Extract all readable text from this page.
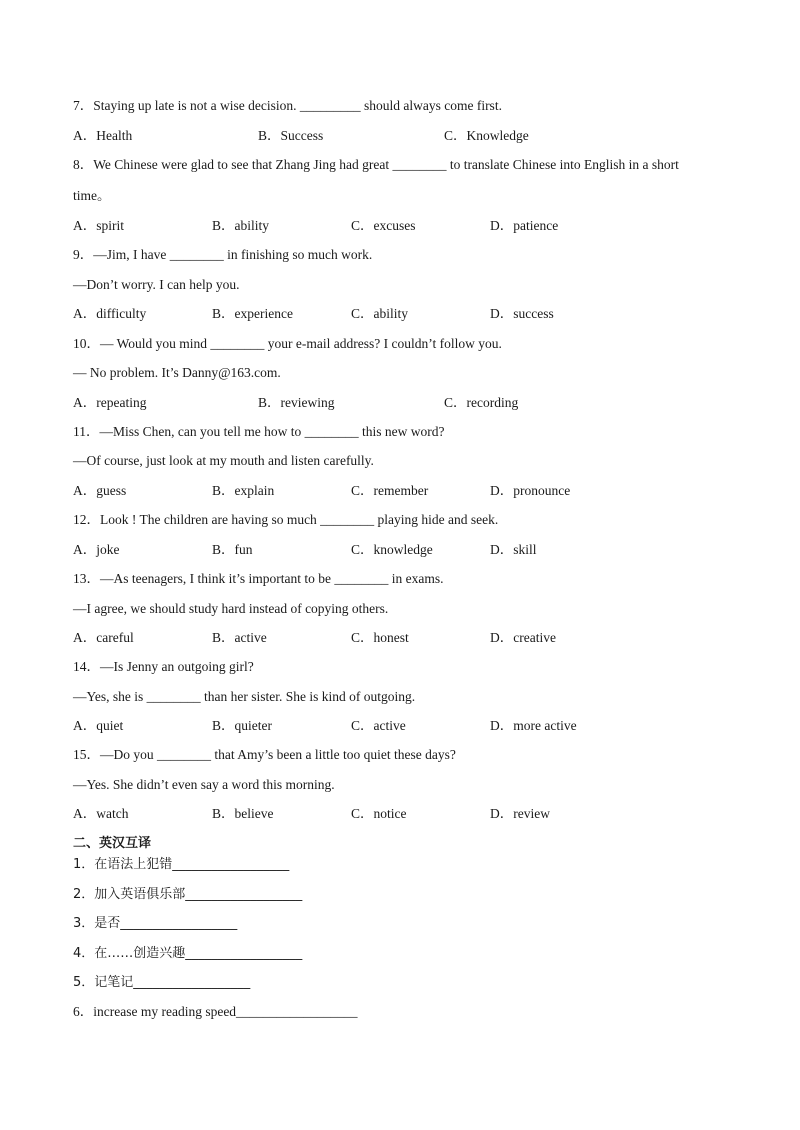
7．Staying up late is not a wise decision. _________ should always come first.
A．Health	B．Success	C．Knowledge
8．We Chinese were glad to see that Zhang Jing had great ________ to translate Chinese into English in a short
time。
A．spirit	B．ability	C．excuses	D．patience
9．—Jim, I have ________ in finishing so much work.
—Don’t worry. I can help you.
A．difficulty	B．experience	C．ability	D．success
10．— Would you mind ________ your e-mail address? I couldn’t follow you.
— No problem. It’s Danny@163.com.
A．repeating	B．reviewing	C．recording
11．—Miss Chen, can you tell me how to ________ this new word?
—Of course, just look at my mouth and listen carefully.
A．guess	B．explain	C．remember	D．pronounce
12．Look ! The children are having so much ________ playing hide and seek.
A．joke	B．fun	C．knowledge	D．skill
13．—As teenagers, I think it’s important to be ________ in exams.
—I agree, we should study hard instead of copying others.
A．careful	B．active	C．honest	D．creative
14．—Is Jenny an outgoing girl?
—Yes, she is ________ than her sister. She is kind of outgoing.
A．quiet	B．quieter	C．active	D．more active
15．—Do you ________ that Amy’s been a little too quiet these days?
—Yes. She didn’t even say a word this morning.
A．watch	B．believe	C．notice	D．review
二、英汉互译
1．在语法上犯错__________________
2．加入英语俱乐部__________________
3．是否__________________
4．在……创造兴趣__________________
5．记笔记__________________
6．increase my reading speed__________________
